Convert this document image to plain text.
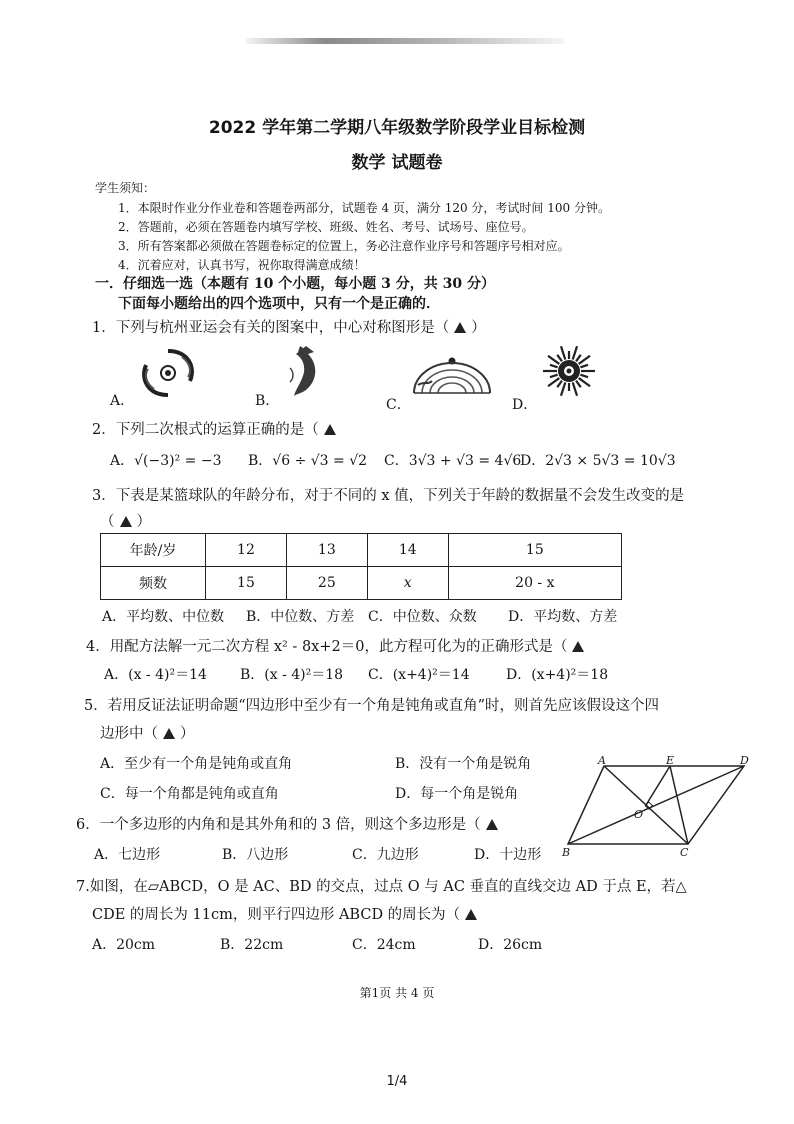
2022 学年第二学期八年级数学阶段学业目标检测
数学 试题卷
学生须知：
1．本限时作业分作业卷和答题卷两部分，试题卷 4 页，满分 120 分，考试时间 100 分钟。
2．答题前，必须在答题卷内填写学校、班级、姓名、考号、试场号、座位号。
3．所有答案都必须做在答题卷标定的位置上，务必注意作业序号和答题序号相对应。
4．沉着应对，认真书写，祝你取得满意成绩！
一．仔细选一选（本题有 10 个小题，每小题 3 分，共 30 分）
下面每小题给出的四个选项中，只有一个是正确的．
1．下列与杭州亚运会有关的图案中，中心对称图形是（ ）
A．	B．	C．	D．
2．下列二次根式的运算正确的是（
A．√(−3)² = −3 B．√6 ÷ √3 = √2 C．3√3 + √3 = 4√6
D．2√3 × 5√3 = 10√3
3．下表是某篮球队的年龄分布，对于不同的 x 值，下列关于年龄的数据量不会发生改变的是
（ ）
年龄/岁	12	13	14	15
频数	15	25	x	20 - x
A．平均数、中位数 B．中位数、方差 C．中位数、众数 D．平均数、方差
4．用配方法解一元二次方程 x² - 8x+2＝0，此方程可化为的正确形式是（
A．(x - 4)²＝14 B．(x - 4)²＝18 C．(x+4)²＝14	D．(x+4)²＝18
5．若用反证法证明命题“四边形中至少有一个角是钝角或直角”时，则首先应该假设这个四
边形中（ ）
A．至少有一个角是钝角或直角	B．没有一个角是锐角
C．每一个角都是钝角或直角	D．每一个角是锐角
6．一个多边形的内角和是其外角和的 3 倍，则这个多边形是（
A．七边形	B．八边形	C．九边形	D．十边形
A	E	D
O
B	C
7.如图，在▱ABCD，O 是 AC、BD 的交点，过点 O 与 AC 垂直的直线交边 AD 于点 E，若△
CDE 的周长为 11cm，则平行四边形 ABCD 的周长为（
A．20cm	B．22cm	C．24cm	D．26cm
第1页 共 4 页
1/4
